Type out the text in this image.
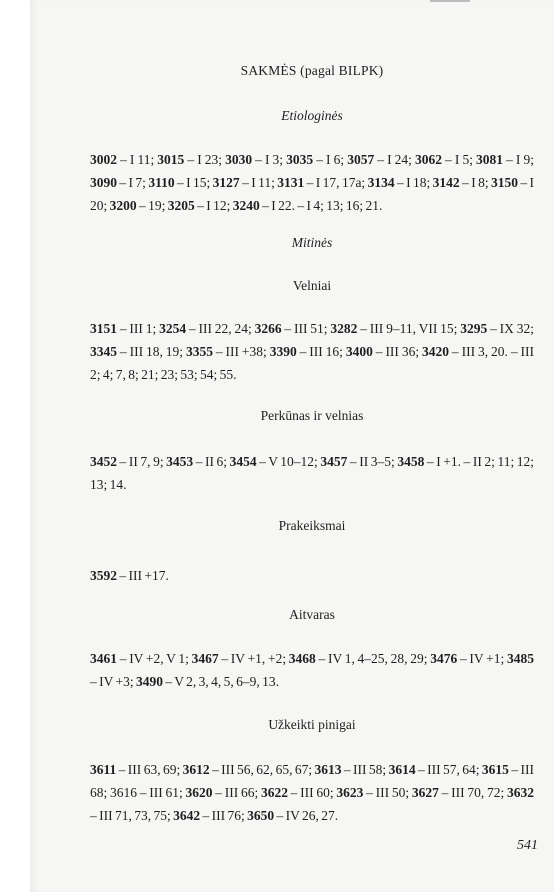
SAKMĖS (pagal BILPK)
Etiologinės
3002 – I 11; 3015 – I 23; 3030 – I 3; 3035 – I 6; 3057 – I 24; 3062 – I 5; 3081 – I 9; 3090 – I 7; 3110 – I 15; 3127 – I 11; 3131 – I 17, 17a; 3134 – I 18; 3142 – I 8; 3150 – I 20; 3200 – 19; 3205 – I 12; 3240 – I 22. – I 4; 13; 16; 21.
Mitinės
Velniai
3151 – III 1; 3254 – III 22, 24; 3266 – III 51; 3282 – III 9–11, VII 15; 3295 – IX 32; 3345 – III 18, 19; 3355 – III +38; 3390 – III 16; 3400 – III 36; 3420 – III 3, 20. – III 2; 4; 7, 8; 21; 23; 53; 54; 55.
Perkūnas ir velnias
3452 – II 7, 9; 3453 – II 6; 3454 – V 10–12; 3457 – II 3–5; 3458 – I +1. – II 2; 11; 12; 13; 14.
Prakeiksmai
3592 – III +17.
Aitvaras
3461 – IV +2, V 1; 3467 – IV +1, +2; 3468 – IV 1, 4–25, 28, 29; 3476 – IV +1; 3485 – IV +3; 3490 – V 2, 3, 4, 5, 6–9, 13.
Užkeikti pinigai
3611 – III 63, 69; 3612 – III 56, 62, 65, 67; 3613 – III 58; 3614 – III 57, 64; 3615 – III 68; 3616 – III 61; 3620 – III 66; 3622 – III 60; 3623 – III 50; 3627 – III 70, 72; 3632 – III 71, 73, 75; 3642 – III 76; 3650 – IV 26, 27.
541
